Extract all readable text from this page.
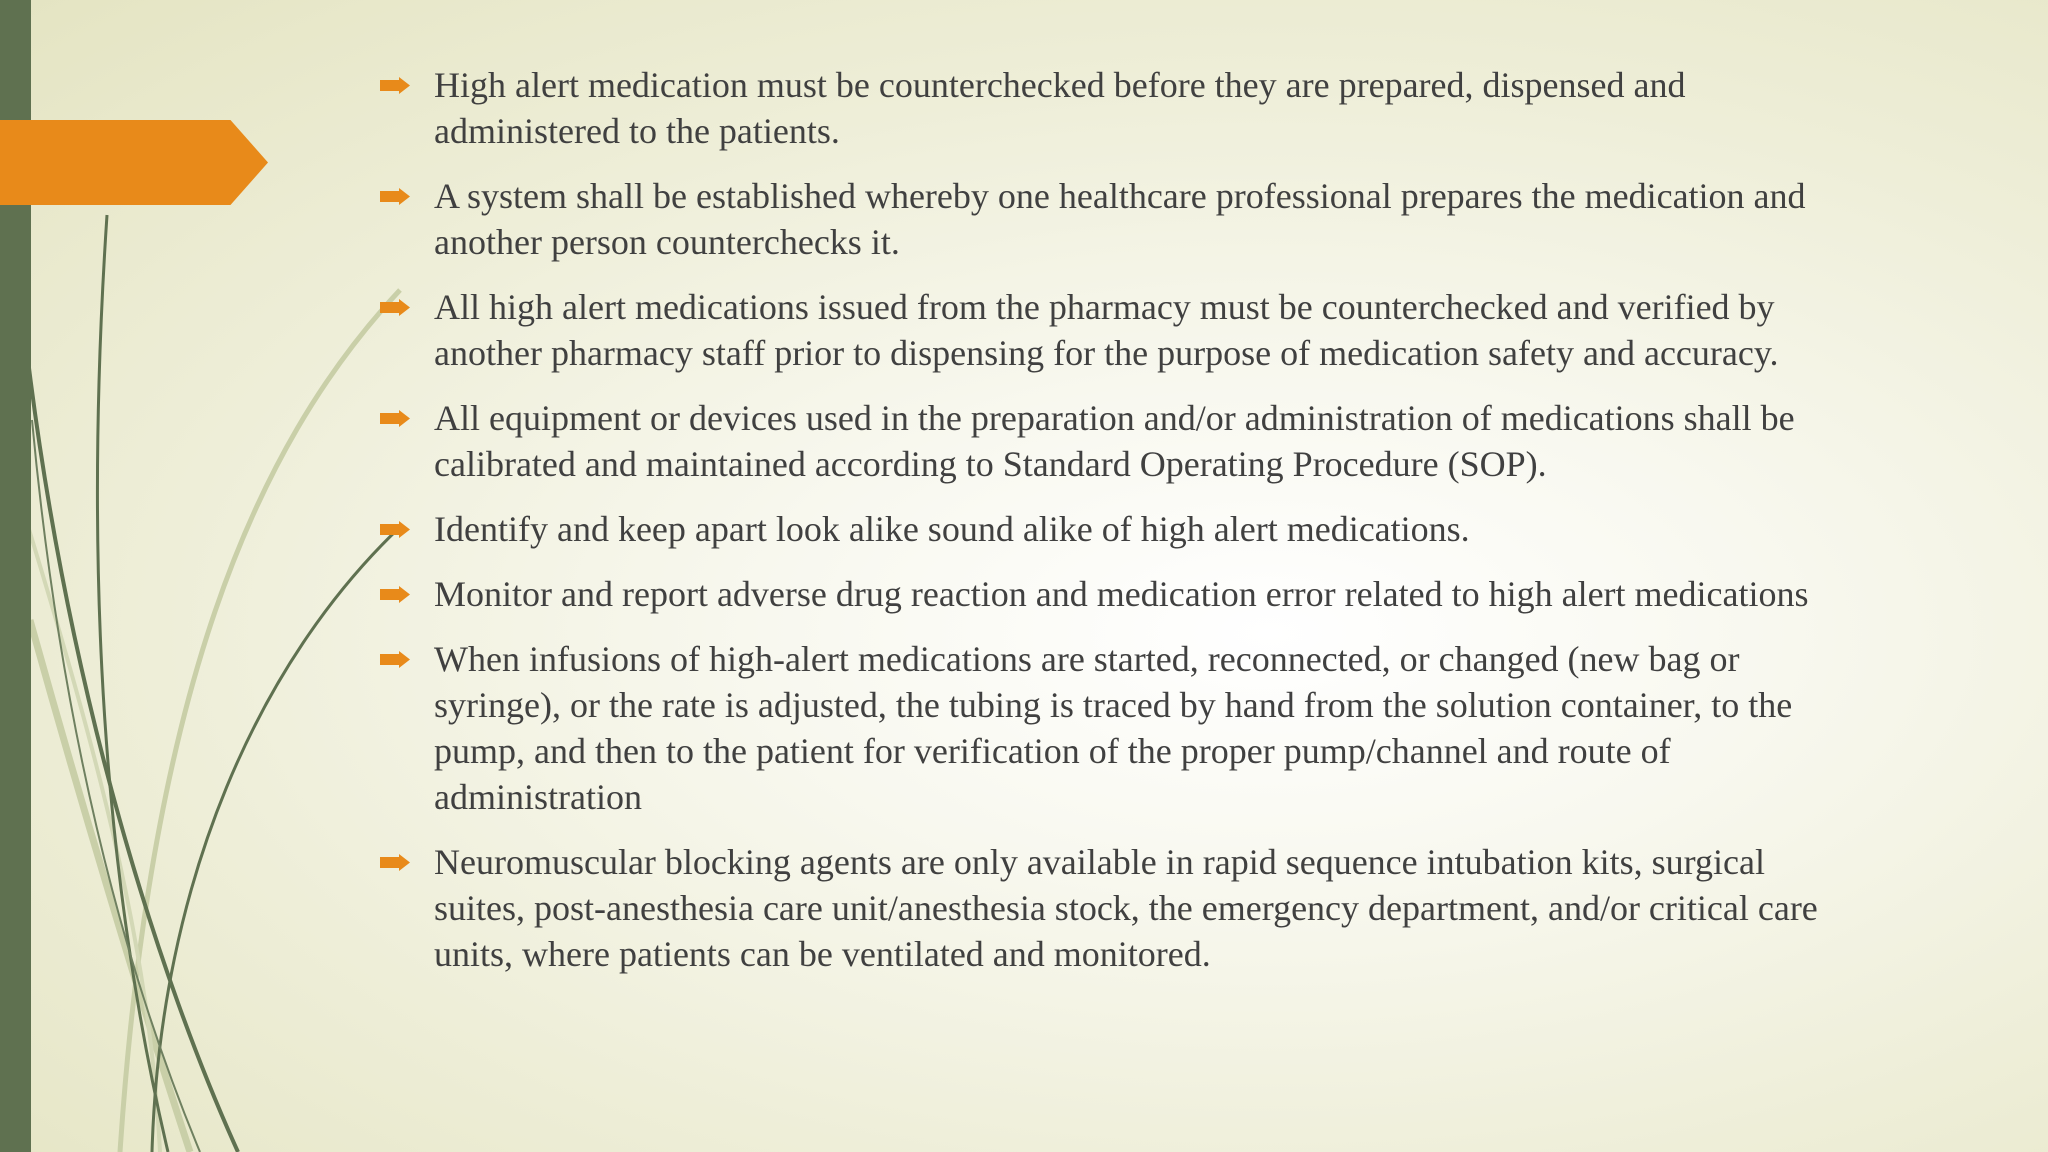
High alert medication must be counterchecked before they are prepared, dispensed and administered to the patients.
A system shall be established whereby one healthcare professional prepares the medication and another person counterchecks it.
All high alert medications issued from the pharmacy must be counterchecked and verified by another pharmacy staff prior to dispensing for the purpose of medication safety and accuracy.
All equipment or devices used in the preparation and/or administration of medications shall be calibrated and maintained according to Standard Operating Procedure (SOP).
Identify and keep apart look alike sound alike of high alert medications.
Monitor and report adverse drug reaction and medication error related to high alert medications
When infusions of high-alert medications are started, reconnected, or changed (new bag or syringe), or the rate is adjusted, the tubing is traced by hand from the solution container, to the pump, and then to the patient for verification of the proper pump/channel and route of administration
Neuromuscular blocking agents are only available in rapid sequence intubation kits, surgical suites, post-anesthesia care unit/anesthesia stock, the emergency department, and/or critical care units, where patients can be ventilated and monitored.
